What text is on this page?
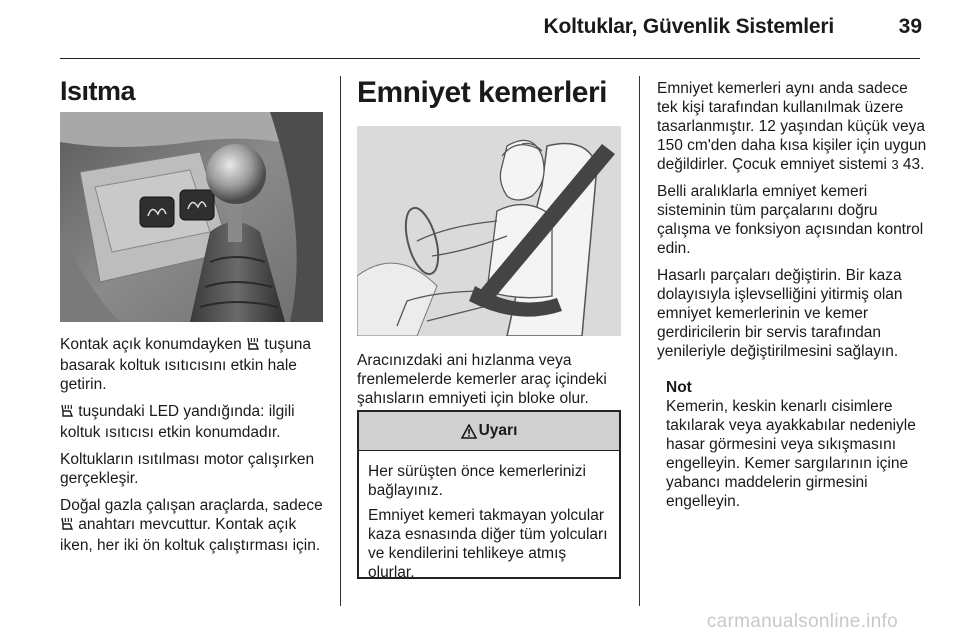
Koltuklar, Güvenlik Sistemleri	39
Isıtma

Kontak açık konumdayken  tuşuna basarak koltuk ısıtıcısını etkin hale getirin.

tuşundaki LED yandığında: ilgili koltuk ısıtıcısı etkin konumdadır.

Koltukların ısıtılması motor çalışırken gerçekleşir.

Doğal gazla çalışan araçlarda, sadece  anahtarı mevcuttur. Kontak açık iken, her iki ön koltuk çalıştırması için.

Emniyet kemerleri

Aracınızdaki ani hızlanma veya frenlemelerde kemerler araç içindeki şahısların emniyeti için bloke olur.

Uyarı

Her sürüşten önce kemerlerinizi bağlayınız.

Emniyet kemeri takmayan yolcular kaza esnasında diğer tüm yolcuları ve kendilerini tehlikeye atmış olurlar.

Emniyet kemerleri aynı anda sadece tek kişi tarafından kullanılmak üzere tasarlanmıştır. 12 yaşından küçük veya 150 cm'den daha kısa kişiler için uygun değildirler. Çocuk emniyet sistemi 3 43.

Belli aralıklarla emniyet kemeri sisteminin tüm parçalarını doğru çalışma ve fonksiyon açısından kontrol edin.

Hasarlı parçaları değiştirin. Bir kaza dolayısıyla işlevselliğini yitirmiş olan emniyet kemerlerinin ve kemer gerdiricilerin bir servis tarafından yenileriyle değiştirilmesini sağlayın.

Not
Kemerin, keskin kenarlı cisimlere takılarak veya ayakkabılar nedeniyle hasar görmesini veya sıkışmasını engelleyin. Kemer sargılarının içine yabancı maddelerin girmesini engelleyin.
carmanualsonline.info
